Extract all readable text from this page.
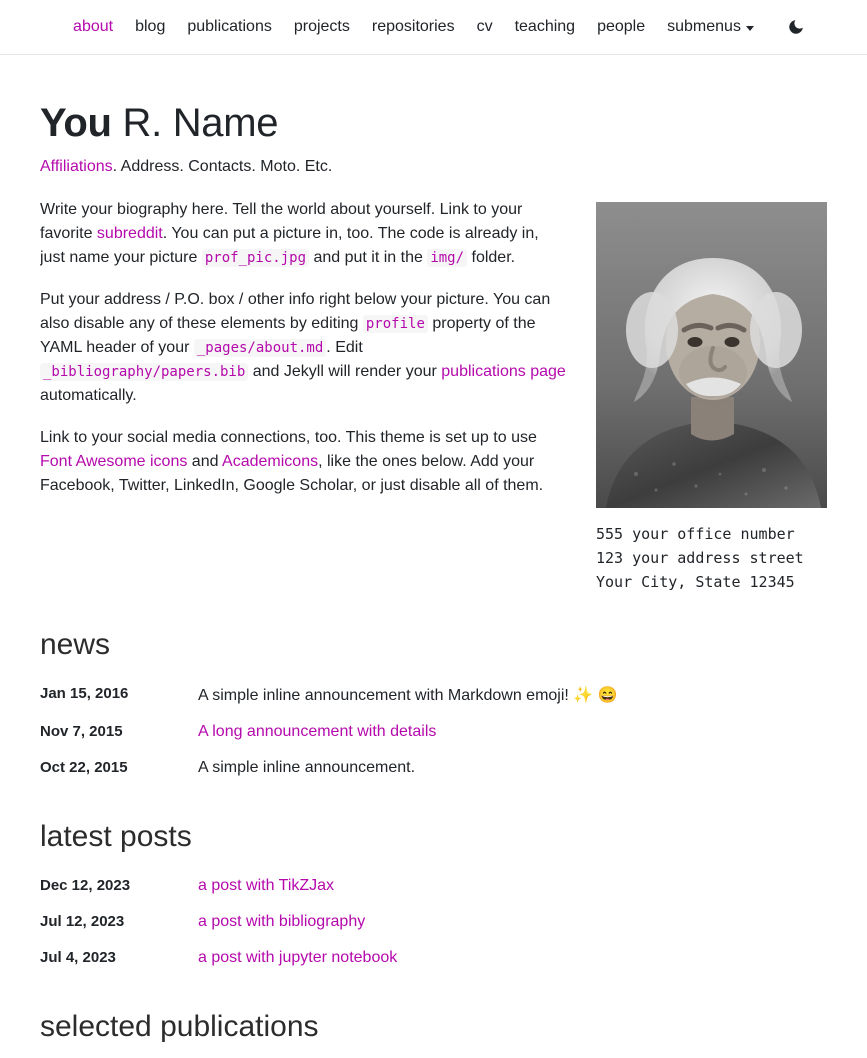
about	blog	publications	projects	repositories	cv	teaching	people	submenus
You R. Name

Affiliations. Address. Contacts. Moto. Etc.

555 your office number
123 your address street
Your City, State 12345

Write your biography here. Tell the world about yourself. Link to your favorite subreddit. You can put a picture in, too. The code is already in, just name your picture prof_pic.jpg and put it in the img/ folder.

Put your address / P.O. box / other info right below your picture. You can also disable any of these elements by editing profile property of the YAML header of your _pages/about.md . Edit _bibliography/papers.bib and Jekyll will render your publications page automatically.

Link to your social media connections, too. This theme is set up to use Font Awesome icons and Academicons, like the ones below. Add your Facebook, Twitter, LinkedIn, Google Scholar, or just disable all of them.

news
Jan 15, 2016	A simple inline announcement with Markdown emoji! ✨ 😄
Nov 7, 2015	A long announcement with details
Oct 22, 2015	A simple inline announcement.
latest posts
Dec 12, 2023	a post with TikZJax
Jul 12, 2023	a post with bibliography
Jul 4, 2023	a post with jupyter notebook
selected publications
